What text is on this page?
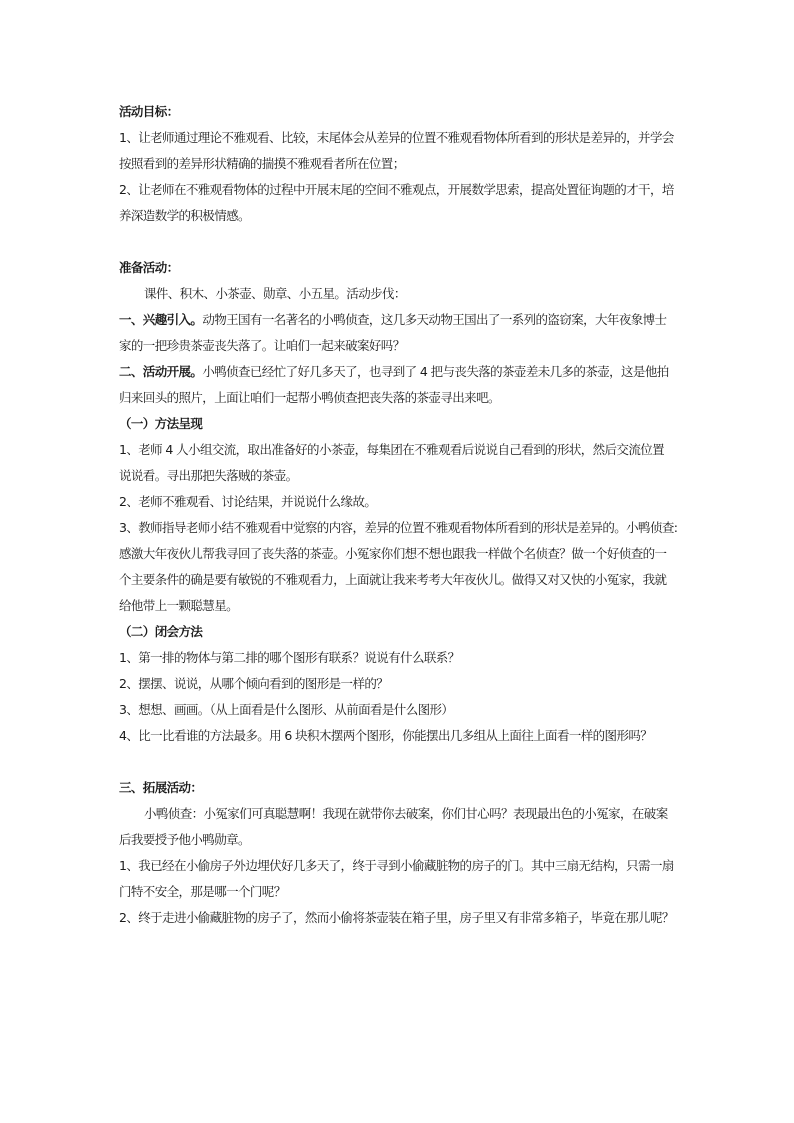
活动目标：

1、让老师通过理论不雅观看、比较，末尾体会从差异的位置不雅观看物体所看到的形状是差异的，并学会

按照看到的差异形状精确的揣摸不雅观看者所在位置；

2、让老师在不雅观看物体的过程中开展末尾的空间不雅观点，开展数学思索，提高处置征询题的才干，培

养深造数学的积极情感。

准备活动：

课件、积木、小茶壶、勋章、小五星。活动步伐：

一、兴趣引入。动物王国有一名著名的小鸭侦查，这几多天动物王国出了一系列的盗窃案，大年夜象博士

家的一把珍贵茶壶丧失落了。让咱们一起来破案好吗？

二、活动开展。小鸭侦查已经忙了好几多天了，也寻到了 4 把与丧失落的茶壶差未几多的茶壶，这是他拍

归来回头的照片，上面让咱们一起帮小鸭侦查把丧失落的茶壶寻出来吧。

（一）方法呈现

1、老师 4 人小组交流，取出准备好的小茶壶，每集团在不雅观看后说说自己看到的形状，然后交流位置

说说看。寻出那把失落贼的茶壶。

2、老师不雅观看、讨论结果，并说说什么缘故。

3、教师指导老师小结不雅观看中觉察的内容，差异的位置不雅观看物体所看到的形状是差异的。小鸭侦查:

感激大年夜伙儿帮我寻回了丧失落的茶壶。小冤家你们想不想也跟我一样做个名侦查？做一个好侦查的一

个主要条件的确是要有敏锐的不雅观看力，上面就让我来考考大年夜伙儿。做得又对又快的小冤家，我就

给他带上一颗聪慧星。

（二）闭会方法

1、第一排的物体与第二排的哪个图形有联系？说说有什么联系？

2、摆摆、说说，从哪个倾向看到的图形是一样的？

3、想想、画画。（从上面看是什么图形、从前面看是什么图形）

4、比一比看谁的方法最多。用 6 块积木摆两个图形，你能摆出几多组从上面往上面看一样的图形吗？

三、拓展活动：

小鸭侦查：小冤家们可真聪慧啊！我现在就带你去破案，你们甘心吗？表现最出色的小冤家，在破案

后我要授予他小鸭勋章。

1、我已经在小偷房子外边埋伏好几多天了，终于寻到小偷藏脏物的房子的门。其中三扇无结构，只需一扇

门特不安全，那是哪一个门呢？

2、终于走进小偷藏脏物的房子了，然而小偷将茶壶装在箱子里，房子里又有非常多箱子，毕竟在那儿呢？
